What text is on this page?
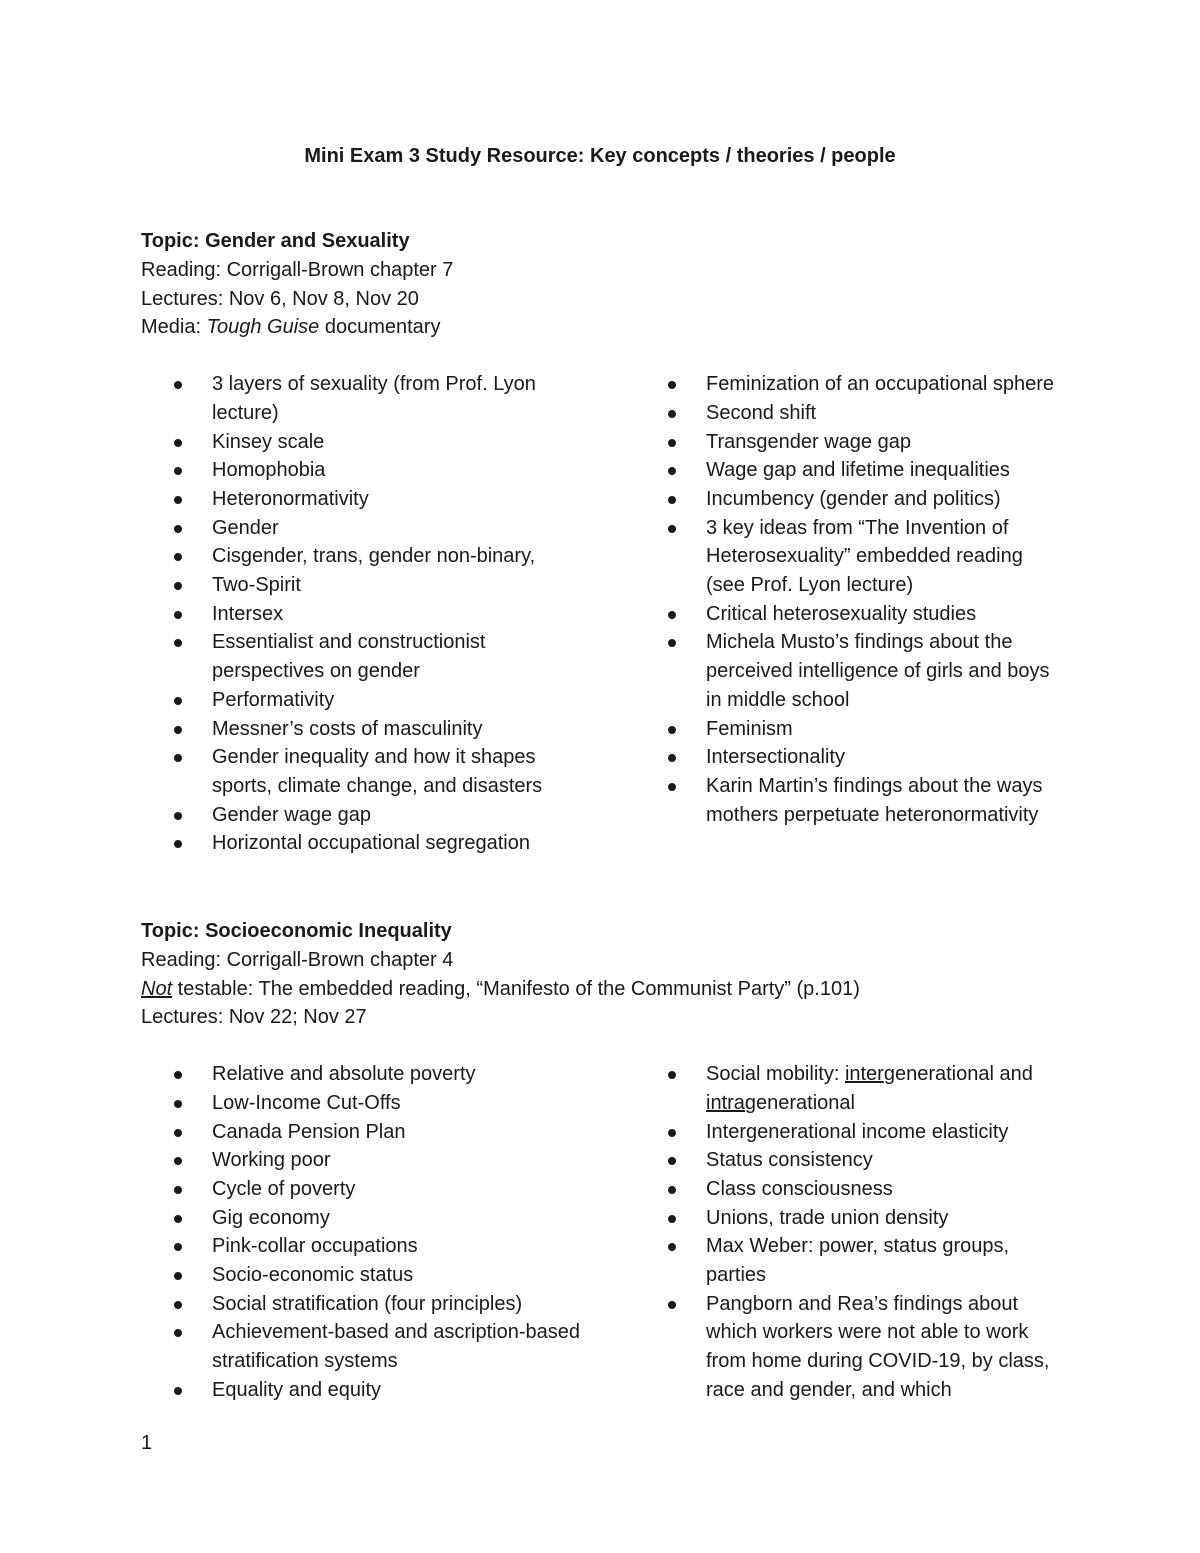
Mini Exam 3 Study Resource: Key concepts / theories / people

Topic: Gender and Sexuality

Reading: Corrigall-Brown chapter 7

Lectures: Nov 6, Nov 8, Nov 20

Media: Tough Guise documentary

3 layers of sexuality (from Prof. Lyon lecture)
Kinsey scale
Homophobia
Heteronormativity
Gender
Cisgender, trans, gender non-binary,
Two-Spirit
Intersex
Essentialist and constructionist perspectives on gender
Performativity
Messner’s costs of masculinity
Gender inequality and how it shapes sports, climate change, and disasters
Gender wage gap
Horizontal occupational segregation
Feminization of an occupational sphere
Second shift
Transgender wage gap
Wage gap and lifetime inequalities
Incumbency (gender and politics)
3 key ideas from “The Invention of Heterosexuality” embedded reading (see Prof. Lyon lecture)
Critical heterosexuality studies
Michela Musto’s findings about the perceived intelligence of girls and boys in middle school
Feminism
Intersectionality
Karin Martin’s findings about the ways mothers perpetuate heteronormativity

Topic: Socioeconomic Inequality

Reading: Corrigall-Brown chapter 4

Not testable: The embedded reading, “Manifesto of the Communist Party” (p.101)

Lectures: Nov 22; Nov 27

Relative and absolute poverty
Low-Income Cut-Offs
Canada Pension Plan
Working poor
Cycle of poverty
Gig economy
Pink-collar occupations
Socio-economic status
Social stratification (four principles)
Achievement-based and ascription-based stratification systems
Equality and equity
Social mobility: intergenerational and intragenerational
Intergenerational income elasticity
Status consistency
Class consciousness
Unions, trade union density
Max Weber: power, status groups, parties
Pangborn and Rea’s findings about which workers were not able to work from home during COVID-19, by class, race and gender, and which
1
